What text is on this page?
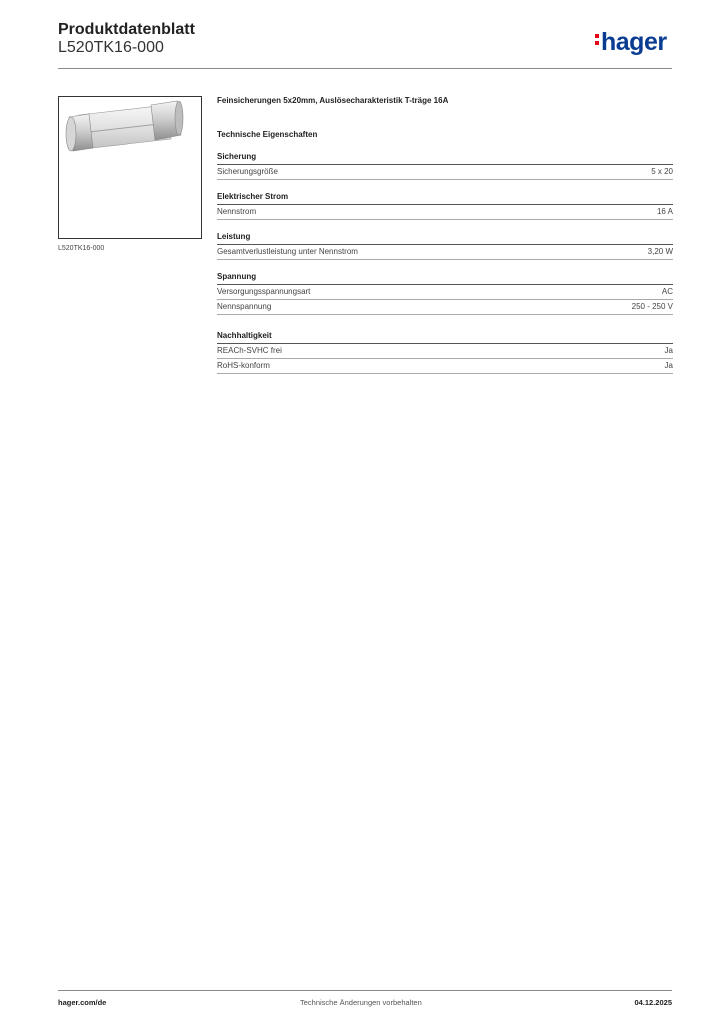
Produktdatenblatt
L520TK16-000	hager
L520TK16-000

Feinsicherungen 5x20mm, Auslösecharakteristik T-träge 16A

Technische Eigenschaften
Sicherung
Sicherungsgröße	5 x 20
Elektrischer Strom
Nennstrom	16 A
Leistung
Gesamtverlustleistung unter Nennstrom	3,20 W
Spannung
Versorgungsspannungsart	AC
Nennspannung	250 - 250 V
Nachhaltigkeit
REACh-SVHC frei	Ja
RoHS-konform	Ja
hager.com/de	Technische Änderungen vorbehalten	04.12.2025
